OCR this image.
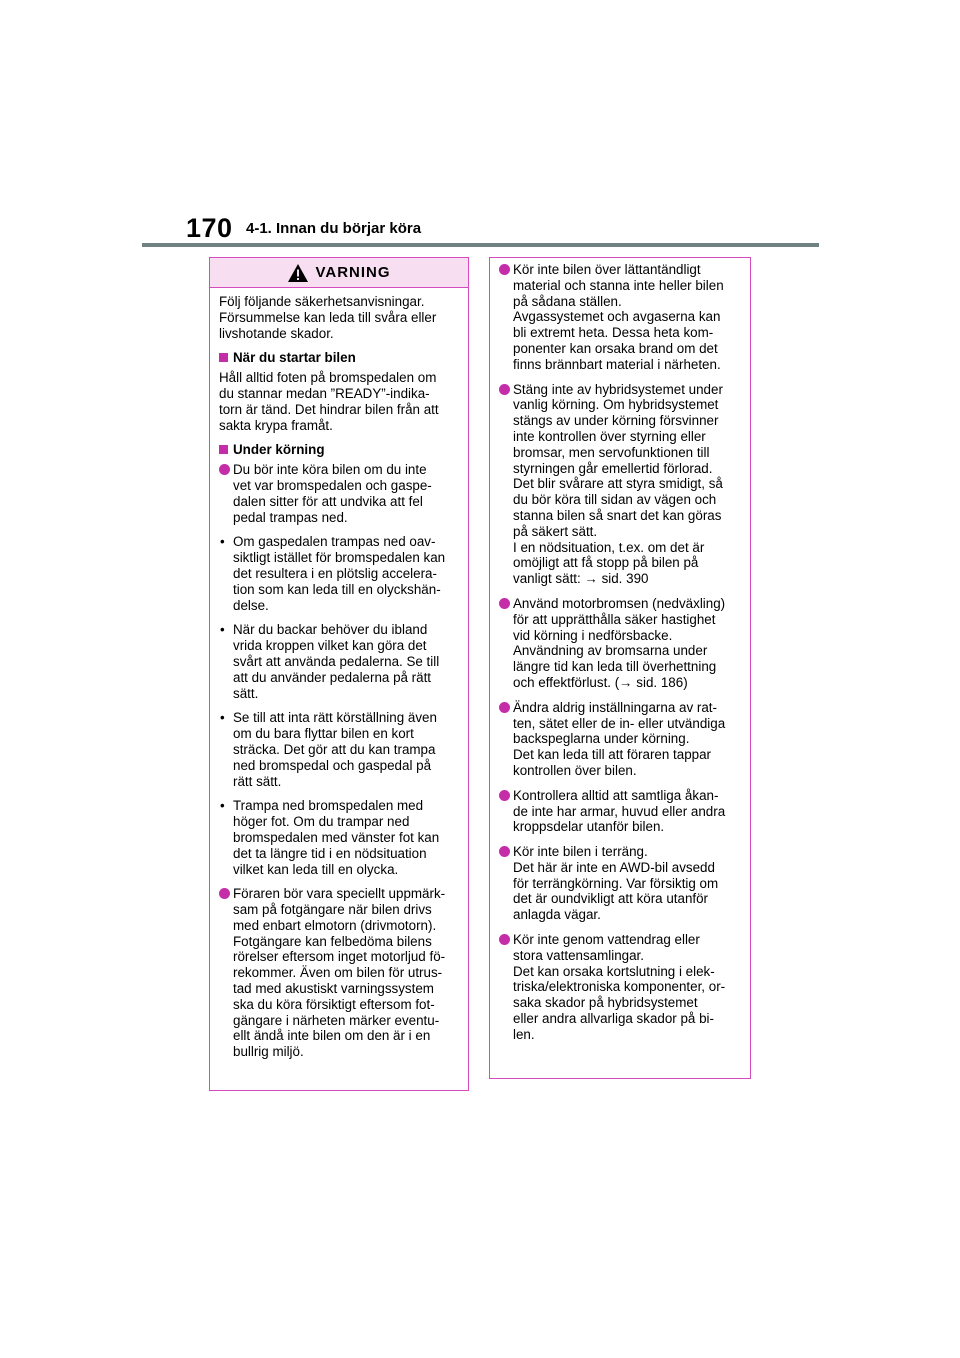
170 4-1. Innan du börjar köra
VARNING
Följ följande säkerhetsanvisningar.
Försummelse kan leda till svåra eller
livshotande skador.
När du startar bilen
Håll alltid foten på bromspedalen om
du stannar medan ”READY”-indika-
torn är tänd. Det hindrar bilen från att
sakta krypa framåt.
Under körning
Du bör inte köra bilen om du inte
vet var bromspedalen och gaspe-
dalen sitter för att undvika att fel
pedal trampas ned.
• Om gaspedalen trampas ned oav-
siktligt istället för bromspedalen kan
det resultera i en plötslig accelera-
tion som kan leda till en olyckshän-
delse.
• När du backar behöver du ibland
vrida kroppen vilket kan göra det
svårt att använda pedalerna. Se till
att du använder pedalerna på rätt
sätt.
• Se till att inta rätt körställning även
om du bara flyttar bilen en kort
sträcka. Det gör att du kan trampa
ned bromspedal och gaspedal på
rätt sätt.
• Trampa ned bromspedalen med
höger fot. Om du trampar ned
bromspedalen med vänster fot kan
det ta längre tid i en nödsituation
vilket kan leda till en olycka.
Föraren bör vara speciellt uppmärk-
sam på fotgängare när bilen drivs
med enbart elmotorn (drivmotorn).
Fotgängare kan felbedöma bilens
rörelser eftersom inget motorljud fö-
rekommer. Även om bilen för utrus-
tad med akustiskt varningssystem
ska du köra försiktigt eftersom fot-
gängare i närheten märker eventu-
ellt ändå inte bilen om den är i en
bullrig miljö.
Kör inte bilen över lättantändligt
material och stanna inte heller bilen
på sådana ställen.
Avgassystemet och avgaserna kan
bli extremt heta. Dessa heta kom-
ponenter kan orsaka brand om det
finns brännbart material i närheten.
Stäng inte av hybridsystemet under
vanlig körning. Om hybridsystemet
stängs av under körning försvinner
inte kontrollen över styrning eller
bromsar, men servofunktionen till
styrningen går emellertid förlorad.
Det blir svårare att styra smidigt, så
du bör köra till sidan av vägen och
stanna bilen så snart det kan göras
på säkert sätt.
I en nödsituation, t.ex. om det är
omöjligt att få stopp på bilen på
vanligt sätt: → sid. 390
Använd motorbromsen (nedväxling)
för att upprätthålla säker hastighet
vid körning i nedförsbacke.
Användning av bromsarna under
längre tid kan leda till överhettning
och effektförlust. (→ sid. 186)
Ändra aldrig inställningarna av rat-
ten, sätet eller de in- eller utvändiga
backspeglarna under körning.
Det kan leda till att föraren tappar
kontrollen över bilen.
Kontrollera alltid att samtliga åkan-
de inte har armar, huvud eller andra
kroppsdelar utanför bilen.
Kör inte bilen i terräng.
Det här är inte en AWD-bil avsedd
för terrängkörning. Var försiktig om
det är oundvikligt att köra utanför
anlagda vägar.
Kör inte genom vattendrag eller
stora vattensamlingar.
Det kan orsaka kortslutning i elek-
triska/elektroniska komponenter, or-
saka skador på hybridsystemet
eller andra allvarliga skador på bi-
len.
